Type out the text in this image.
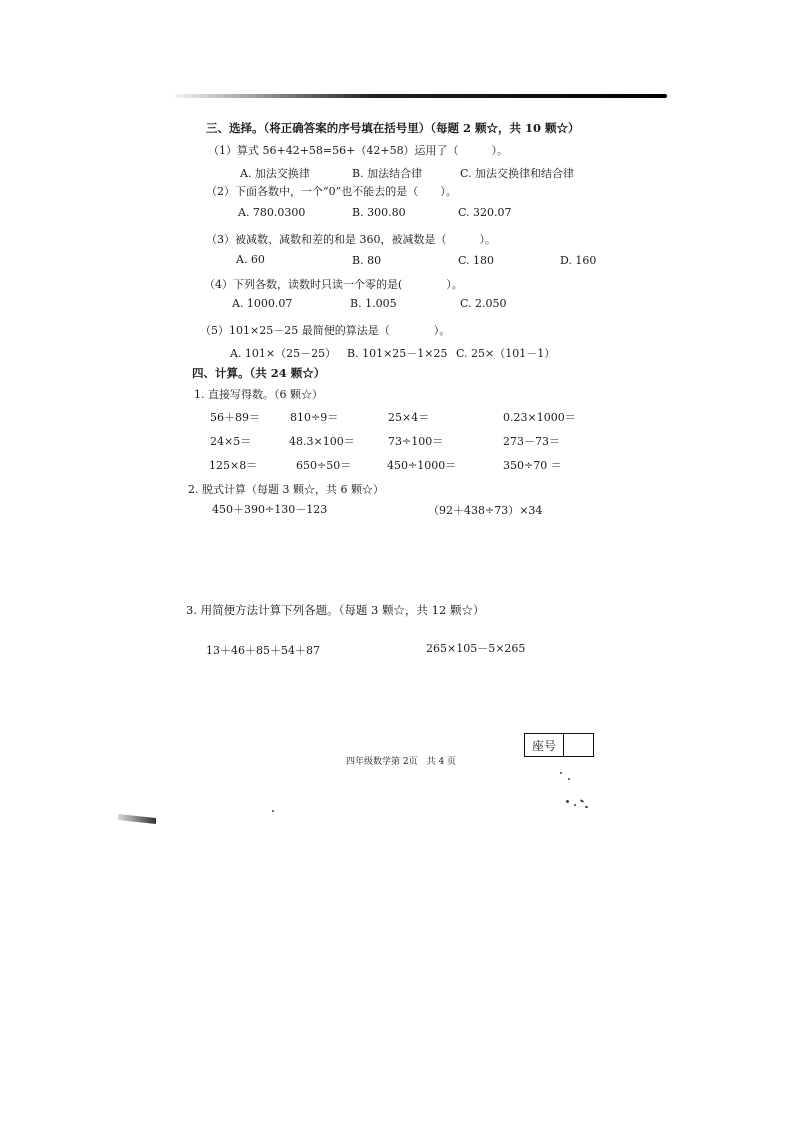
三、选择。（将正确答案的序号填在括号里）（每题 2 颗☆，共 10 颗☆）
（1）算式 56+42+58=56+（42+58）运用了（　　　）。
A. 加法交换律	B. 加法结合律	C. 加法交换律和结合律
（2）下面各数中，一个“0”也不能去的是（　　）。
A. 780.0300	B. 300.80	C. 320.07
（3）被减数、减数和差的和是 360，被减数是（　　　）。
A. 60	B. 80	C. 180	D. 160
（4）下列各数，读数时只读一个零的是(　　　　）。
A. 1000.07	B. 1.005	C. 2.050
（5）101×25－25 最简便的算法是（　　　　）。
A. 101×（25－25） B. 101×25－1×25 C. 25×（101－1）
四、计算。（共 24 颗☆）
1. 直接写得数。（6 颗☆）
56＋89＝	810÷9＝	25×4＝	0.23×1000＝
24×5＝	48.3×100＝	73÷100＝	273－73＝
125×8＝	650÷50＝	450÷1000＝	350÷70 ＝
2. 脱式计算（每题 3 颗☆，共 6 颗☆）
450＋390÷130－123	（92＋438÷73）×34
3. 用简便方法计算下列各题。（每题 3 颗☆，共 12 颗☆）
13＋46＋85＋54＋87	265×105－5×265
座号
四年级数学第 2页　共 4 页
